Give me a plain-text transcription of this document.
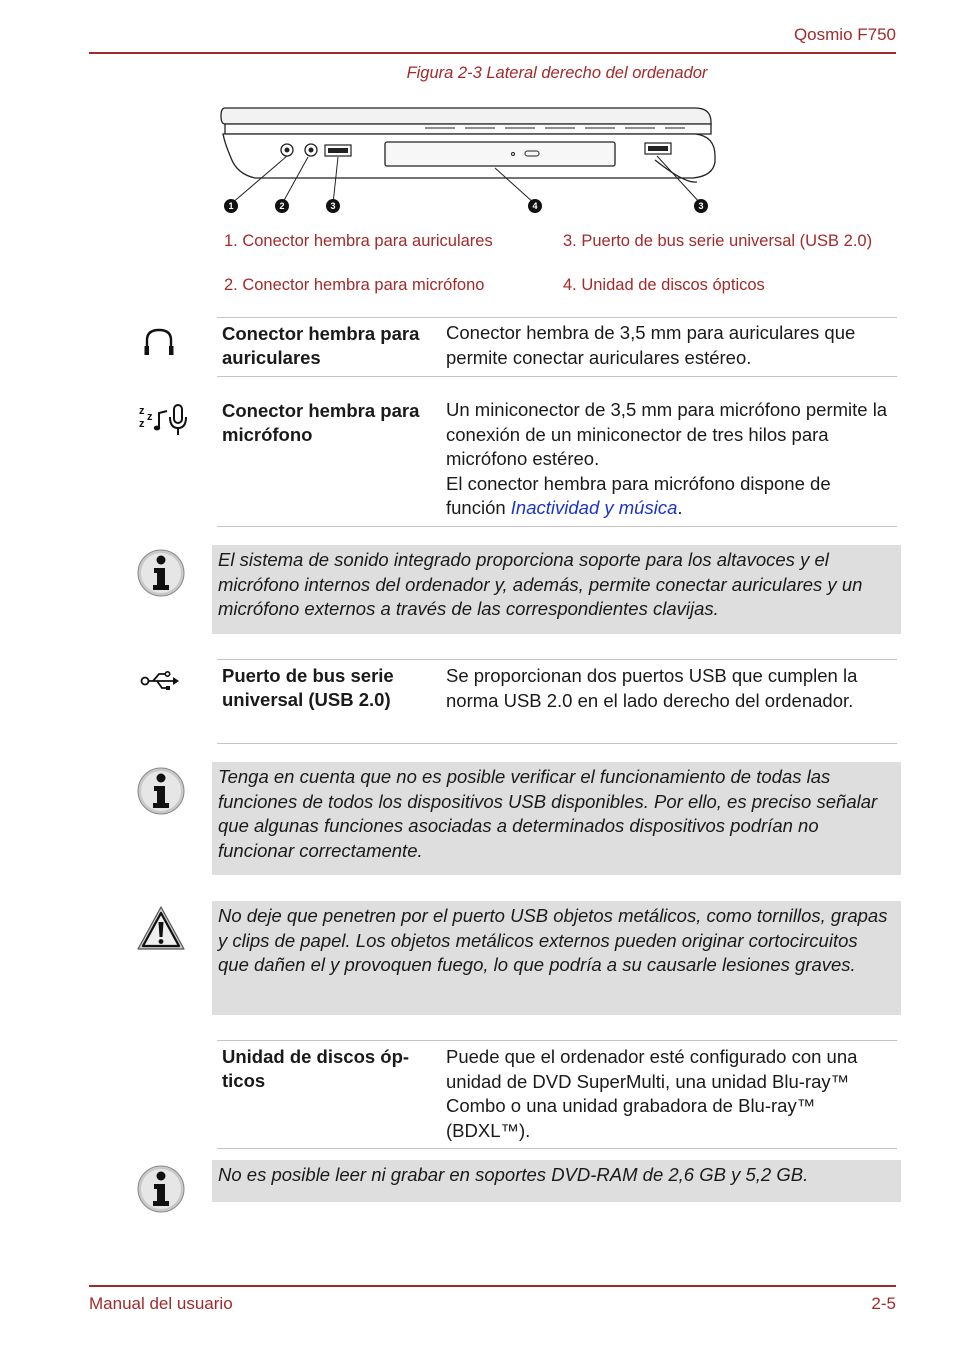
Qosmio F750
Figura 2-3 Lateral derecho del ordenador
1	2	3	4	3
1. Conector hembra para auriculares
2. Conector hembra para micrófono
3. Puerto de bus serie universal (USB 2.0)
4. Unidad de discos ópticos
Conector hembra para auriculares
Conector hembra de 3,5 mm para auriculares que permite conectar auriculares estéreo.
z z
z
Conector hembra para micrófono
Un miniconector de 3,5 mm para micrófono permite la conexión de un miniconector de tres hilos para micrófono estéreo.
El conector hembra para micrófono dispone de función Inactividad y música.
El sistema de sonido integrado proporciona soporte para los altavoces y el micrófono internos del ordenador y, además, permite conectar auriculares y un micrófono externos a través de las correspondientes clavijas.
Puerto de bus serie universal (USB 2.0)
Se proporcionan dos puertos USB que cumplen la norma USB 2.0 en el lado derecho del ordenador.
Tenga en cuenta que no es posible verificar el funcionamiento de todas las funciones de todos los dispositivos USB disponibles. Por ello, es preciso señalar que algunas funciones asociadas a determinados dispositivos podrían no funcionar correctamente.
No deje que penetren por el puerto USB objetos metálicos, como tornillos, grapas y clips de papel. Los objetos metálicos externos pueden originar cortocircuitos que dañen el y provoquen fuego, lo que podría a su causarle lesiones graves.
Unidad de discos óp-ticos
Puede que el ordenador esté configurado con una unidad de DVD SuperMulti, una unidad Blu-ray™ Combo o una unidad grabadora de Blu-ray™ (BDXL™).
No es posible leer ni grabar en soportes DVD-RAM de 2,6 GB y 5,2 GB.
Manual del usuario	2-5
